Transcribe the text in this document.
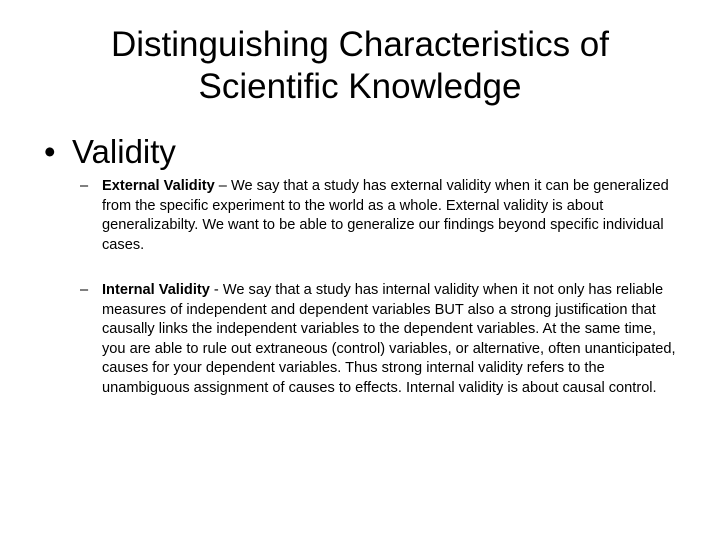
Distinguishing Characteristics of
Scientific Knowledge
• Validity
– External Validity – We say that a study has external validity when it can be generalized from the specific experiment to the world as a whole. External validity is about generalizabilty. We want to be able to generalize our findings beyond specific individual cases.
– Internal Validity - We say that a study has internal validity when it not only has reliable measures of independent and dependent variables BUT also a strong justification that causally links the independent variables to the dependent variables. At the same time, you are able to rule out extraneous (control) variables, or alternative, often unanticipated, causes for your dependent variables. Thus strong internal validity refers to the unambiguous assignment of causes to effects. Internal validity is about causal control.
